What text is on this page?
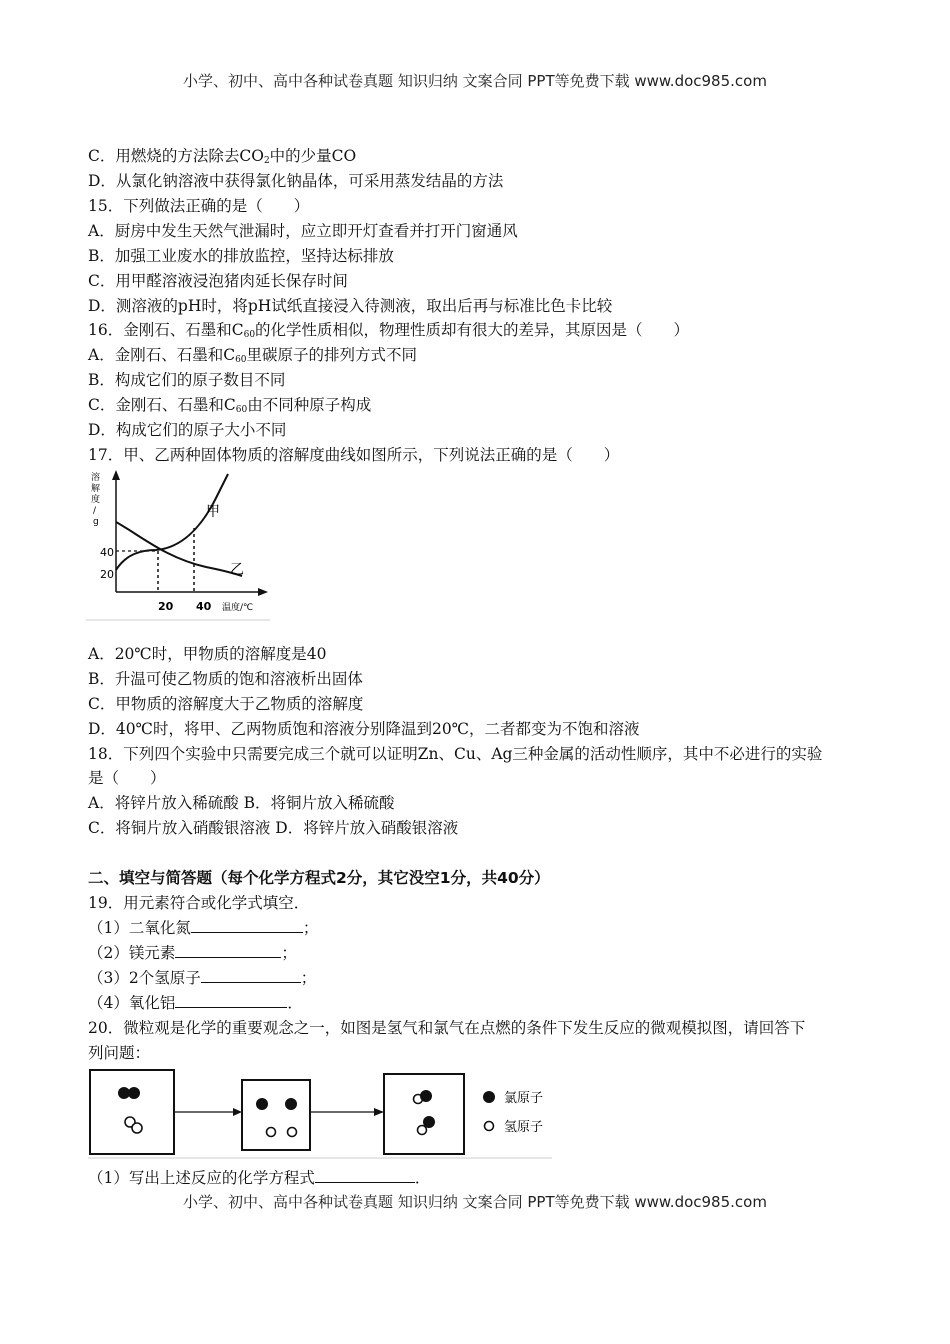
小学、初中、高中各种试卷真题 知识归纳 文案合同 PPT等免费下载 www.doc985.com
C．用燃烧的方法除去$CO_2$中的少量CO
D．从氯化钠溶液中获得氯化钠晶体，可采用蒸发结晶的方法
15．下列做法正确的是（　　）
A．厨房中发生天然气泄漏时，应立即开灯查看并打开门窗通风
B．加强工业废水的排放监控，坚持达标排放
C．用甲醛溶液浸泡猪肉延长保存时间
D．测溶液的pH时，将pH试纸直接浸入待测液，取出后再与标准比色卡比较
16．金刚石、石墨和$C_{60}$的化学性质相似，物理性质却有很大的差异，其原因是（　　）
A．金刚石、石墨和$C_{60}$里碳原子的排列方式不同
B．构成它们的原子数目不同
C．金刚石、石墨和$C_{60}$由不同种原子构成
D．构成它们的原子大小不同
17．甲、乙两种固体物质的溶解度曲线如图所示，下列说法正确的是（　　）
溶 解 度 / g
40
20
20 40 温度/℃
甲
乙
A．20℃时，甲物质的溶解度是40
B．升温可使乙物质的饱和溶液析出固体
C．甲物质的溶解度大于乙物质的溶解度
D．40℃时，将甲、乙两物质饱和溶液分别降温到20℃，二者都变为不饱和溶液
18．下列四个实验中只需要完成三个就可以证明Zn、Cu、Ag三种金属的活动性顺序，其中不必进行的实验
是（　　）
A．将锌片放入稀硫酸 B．将铜片放入稀硫酸
C．将铜片放入硝酸银溶液 D．将锌片放入硝酸银溶液
二、填空与简答题（每个化学方程式2分，其它没空1分，共40分）
19．用元素符合或化学式填空．
（1）二氧化氮	；
（2）镁元素	；
（3）2个氢原子	；
（4）氧化铝	．
20．微粒观是化学的重要观念之一，如图是氢气和氯气在点燃的条件下发生反应的微观模拟图，请回答下
列问题：
氯原子
氢原子
（1）写出上述反应的化学方程式	．
小学、初中、高中各种试卷真题 知识归纳 文案合同 PPT等免费下载 www.doc985.com
